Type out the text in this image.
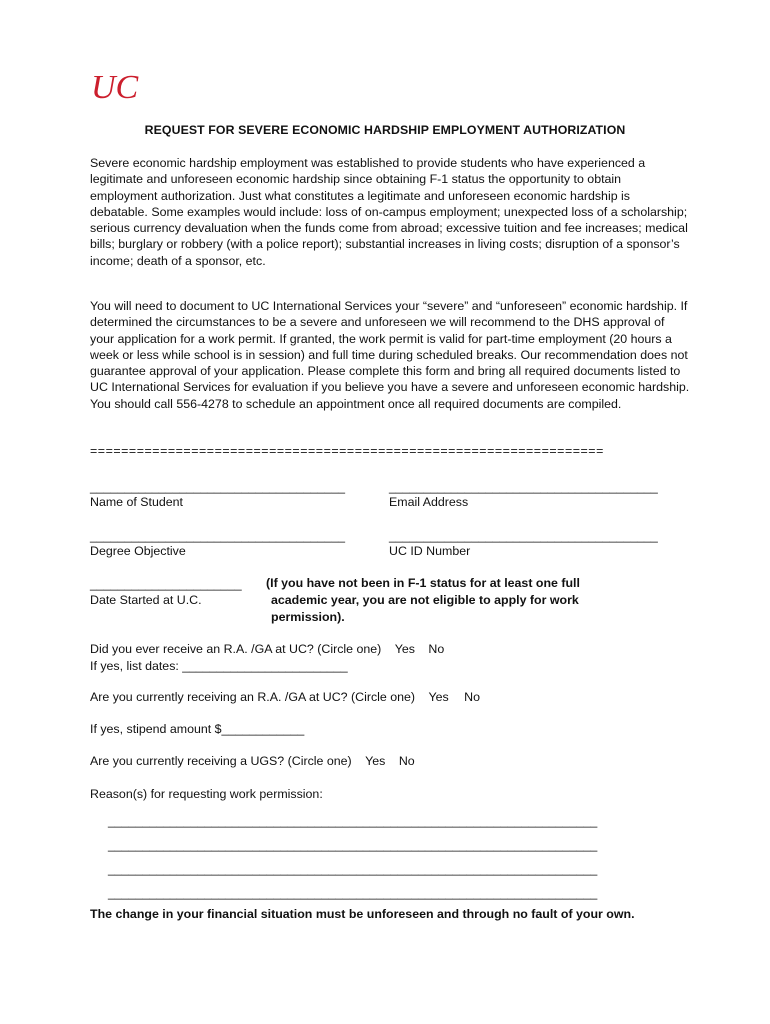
UC
REQUEST FOR SEVERE ECONOMIC HARDSHIP EMPLOYMENT AUTHORIZATION

Severe economic hardship employment was established to provide students who have experienced a legitimate and unforeseen economic hardship since obtaining F-1 status the opportunity to obtain employment authorization. Just what constitutes a legitimate and unforeseen economic hardship is debatable. Some examples would include: loss of on-campus employment; unexpected loss of a scholarship; serious currency devaluation when the funds come from abroad; excessive tuition and fee increases; medical bills; burglary or robbery (with a police report); substantial increases in living costs; disruption of a sponsor’s income; death of a sponsor, etc.

You will need to document to UC International Services your “severe” and “unforeseen” economic hardship. If determined the circumstances to be a severe and unforeseen we will recommend to the DHS approval of your application for a work permit. If granted, the work permit is valid for part-time employment (20 hours a week or less while school is in session) and full time during scheduled breaks. Our recommendation does not guarantee approval of your application. Please complete this form and bring all required documents listed to UC International Services for evaluation if you believe you have a severe and unforeseen economic hardship. You should call 556-4278 to schedule an appointment once all required documents are compiled.

==================================================================
_____________________________________
Name of Student
_______________________________________
Email Address
_____________________________________
Degree Objective
_______________________________________
UC ID Number
______________________
Date Started at U.C.
(If you have not been in F-1 status for at least one full
academic year, you are not eligible to apply for work
permission).
Did you ever receive an R.A. /GA at UC? (Circle one) Yes No
If yes, list dates: ________________________
Are you currently receiving an R.A. /GA at UC? (Circle one) Yes No
If yes, stipend amount $____________
Are you currently receiving a UGS? (Circle one) Yes No
Reason(s) for requesting work permission:
_______________________________________________________________________
_______________________________________________________________________
_______________________________________________________________________
_______________________________________________________________________
The change in your financial situation must be unforeseen and through no fault of your own.
